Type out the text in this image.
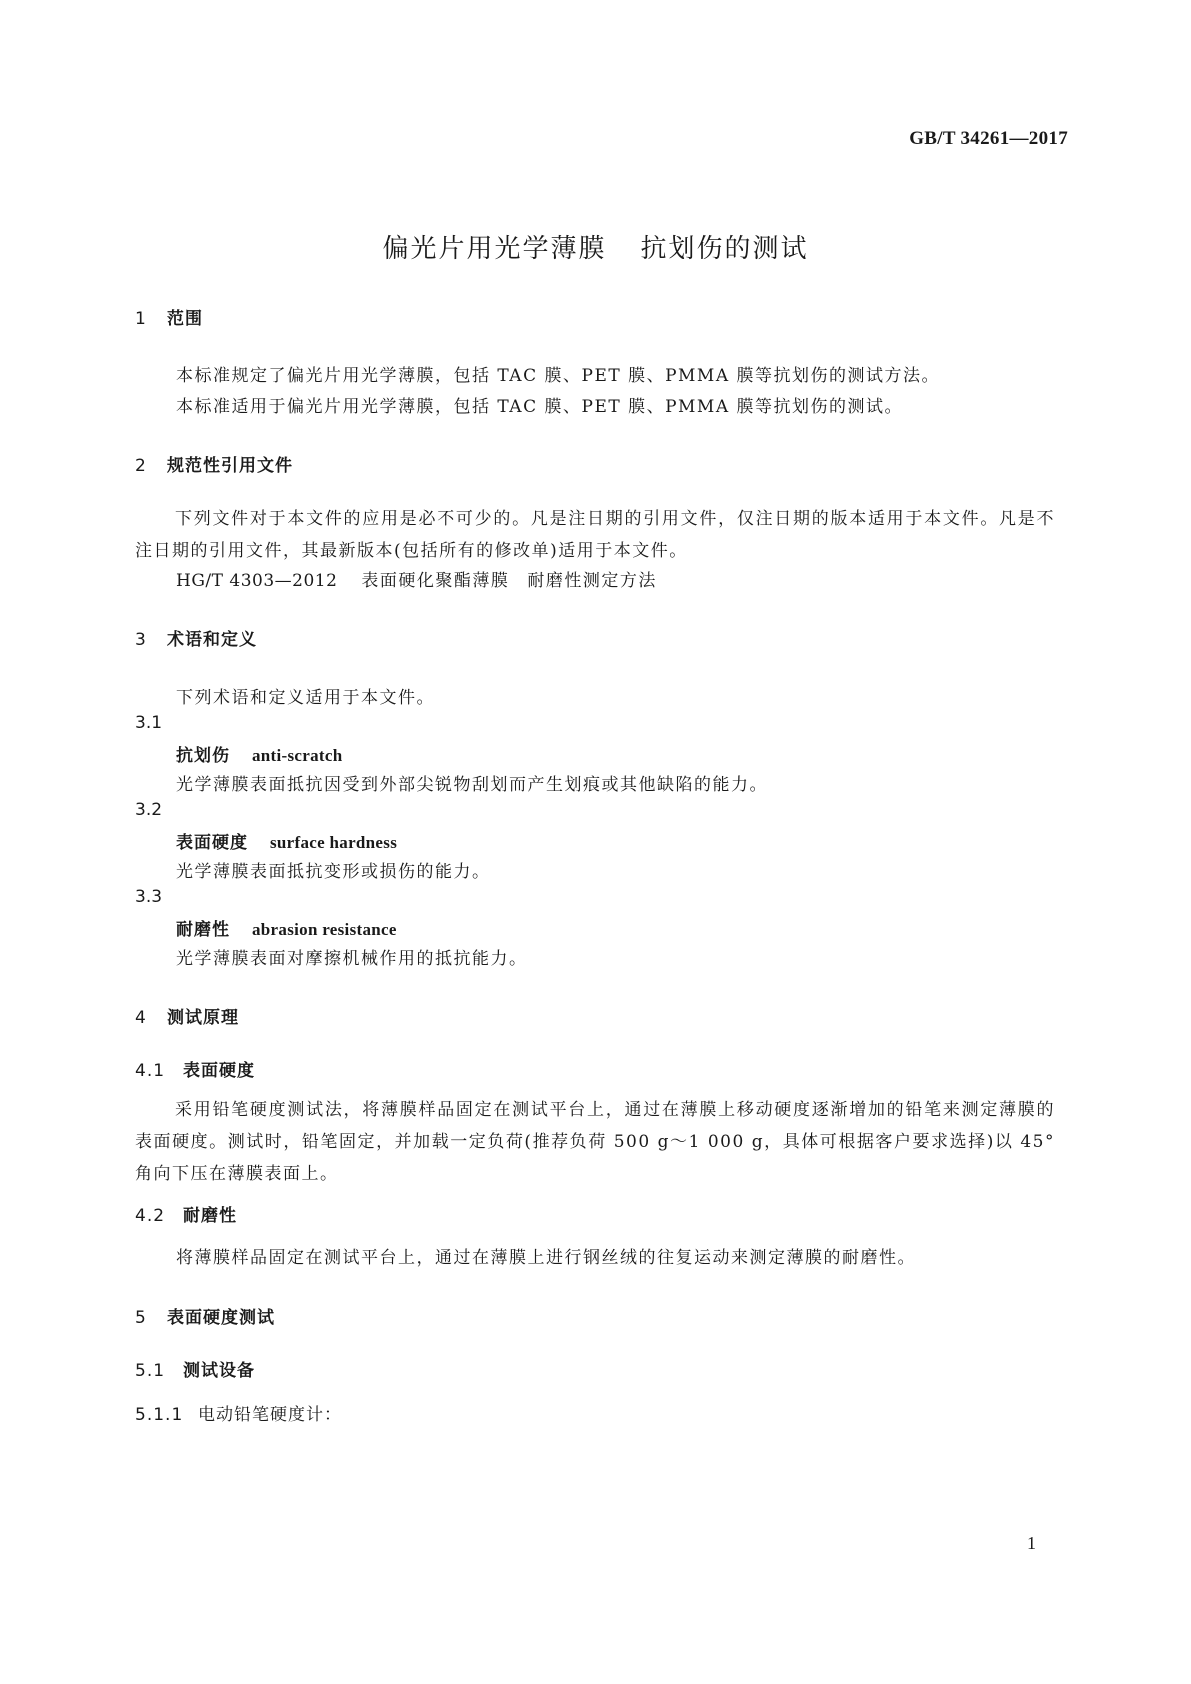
GB/T 34261—2017
偏光片用光学薄膜 抗划伤的测试
1 范围
本标准规定了偏光片用光学薄膜，包括 TAC 膜、PET 膜、PMMA 膜等抗划伤的测试方法。
本标准适用于偏光片用光学薄膜，包括 TAC 膜、PET 膜、PMMA 膜等抗划伤的测试。
2 规范性引用文件
下列文件对于本文件的应用是必不可少的。凡是注日期的引用文件，仅注日期的版本适用于本文件。凡是不注日期的引用文件，其最新版本(包括所有的修改单)适用于本文件。
HG/T 4303—2012 表面硬化聚酯薄膜 耐磨性测定方法
3 术语和定义
下列术语和定义适用于本文件。
3.1
抗划伤 anti-scratch
光学薄膜表面抵抗因受到外部尖锐物刮划而产生划痕或其他缺陷的能力。
3.2
表面硬度 surface hardness
光学薄膜表面抵抗变形或损伤的能力。
3.3
耐磨性 abrasion resistance
光学薄膜表面对摩擦机械作用的抵抗能力。
4 测试原理
4.1 表面硬度
采用铅笔硬度测试法，将薄膜样品固定在测试平台上，通过在薄膜上移动硬度逐渐增加的铅笔来测定薄膜的表面硬度。测试时，铅笔固定，并加载一定负荷(推荐负荷 500 g～1 000 g，具体可根据客户要求选择)以 45°角向下压在薄膜表面上。
4.2 耐磨性
将薄膜样品固定在测试平台上，通过在薄膜上进行钢丝绒的往复运动来测定薄膜的耐磨性。
5 表面硬度测试
5.1 测试设备
5.1.1 电动铅笔硬度计：
1
